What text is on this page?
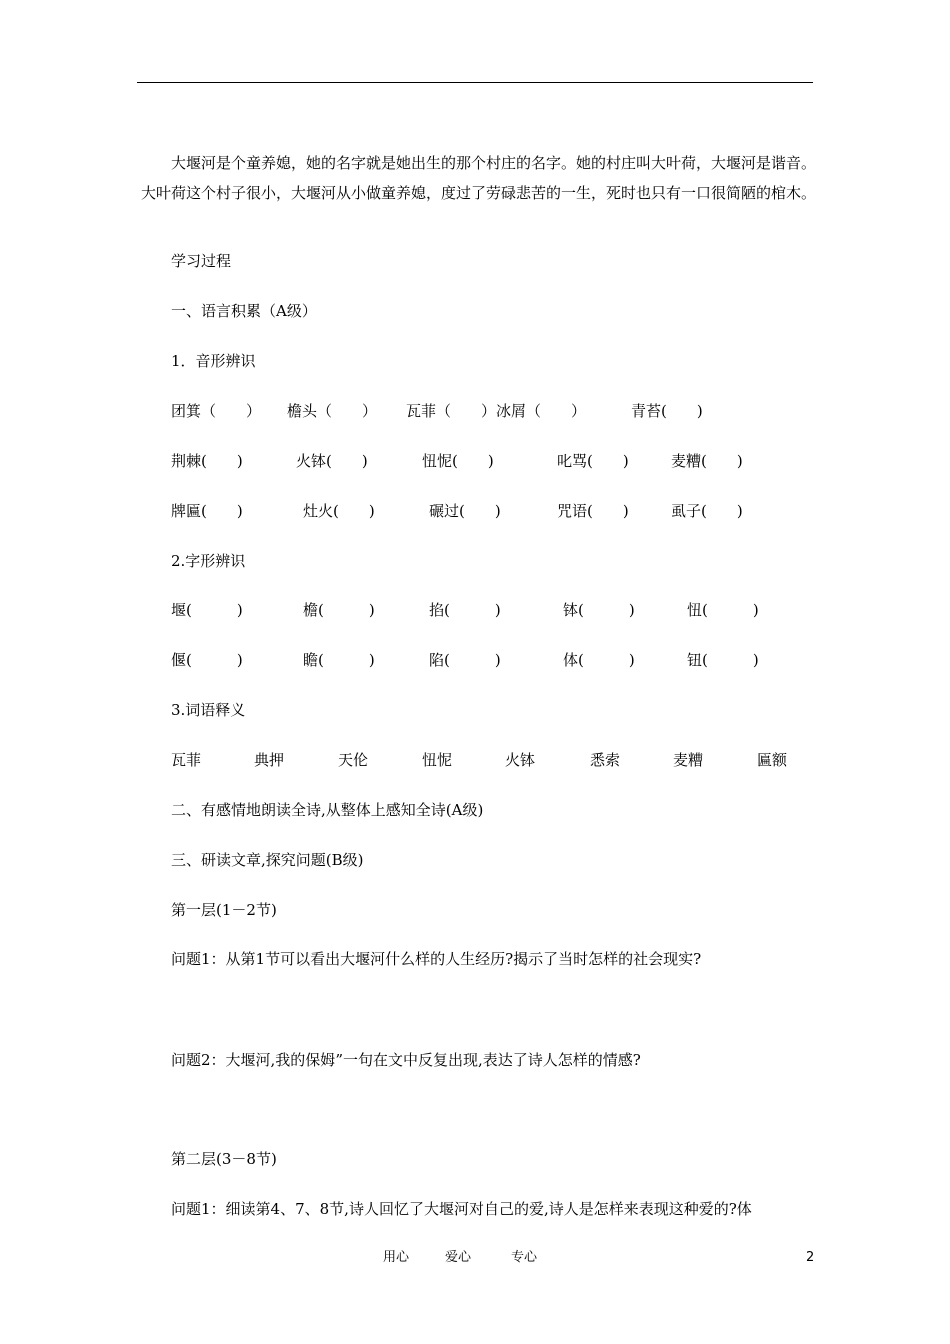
大堰河是个童养媳，她的名字就是她出生的那个村庄的名字。她的村庄叫大叶荷，大堰河是谐音。大叶荷这个村子很小，大堰河从小做童养媳，度过了劳碌悲苦的一生，死时也只有一口很简陋的棺木。
学习过程
一、语言积累（A级）
1．音形辨识
团箕（　　） 檐头（　　） 瓦菲（　　）冰屑（　　）	青苔(　　)
荆棘(　　)	火钵(　　)	忸怩(　　)	叱骂(　　)	麦糟(　　)
牌匾(　　)	灶火(　　)	碾过(　　)	咒语(　　)	虱子(　　)
2.字形辨识
堰(　　　)	檐(　　　)	掐(　　　)	钵(　　　)	忸(　　　)
偃(　　　)	瞻(　　　)	陷(　　　)	体(　　　)	钮(　　　)
3.词语释义
瓦菲	典押	天伦	忸怩	火钵	悉索	麦糟	匾额
二、有感情地朗读全诗,从整体上感知全诗(A级)
三、研读文章,探究问题(B级)
第一层(1－2节)
问题1：从第1节可以看出大堰河什么样的人生经历?揭示了当时怎样的社会现实?
问题2：大堰河,我的保姆”一句在文中反复出现,表达了诗人怎样的情感?
第二层(3－8节)
问题1：细读第4、7、8节,诗人回忆了大堰河对自己的爱,诗人是怎样来表现这种爱的?体
用心	爱心	专心	2
